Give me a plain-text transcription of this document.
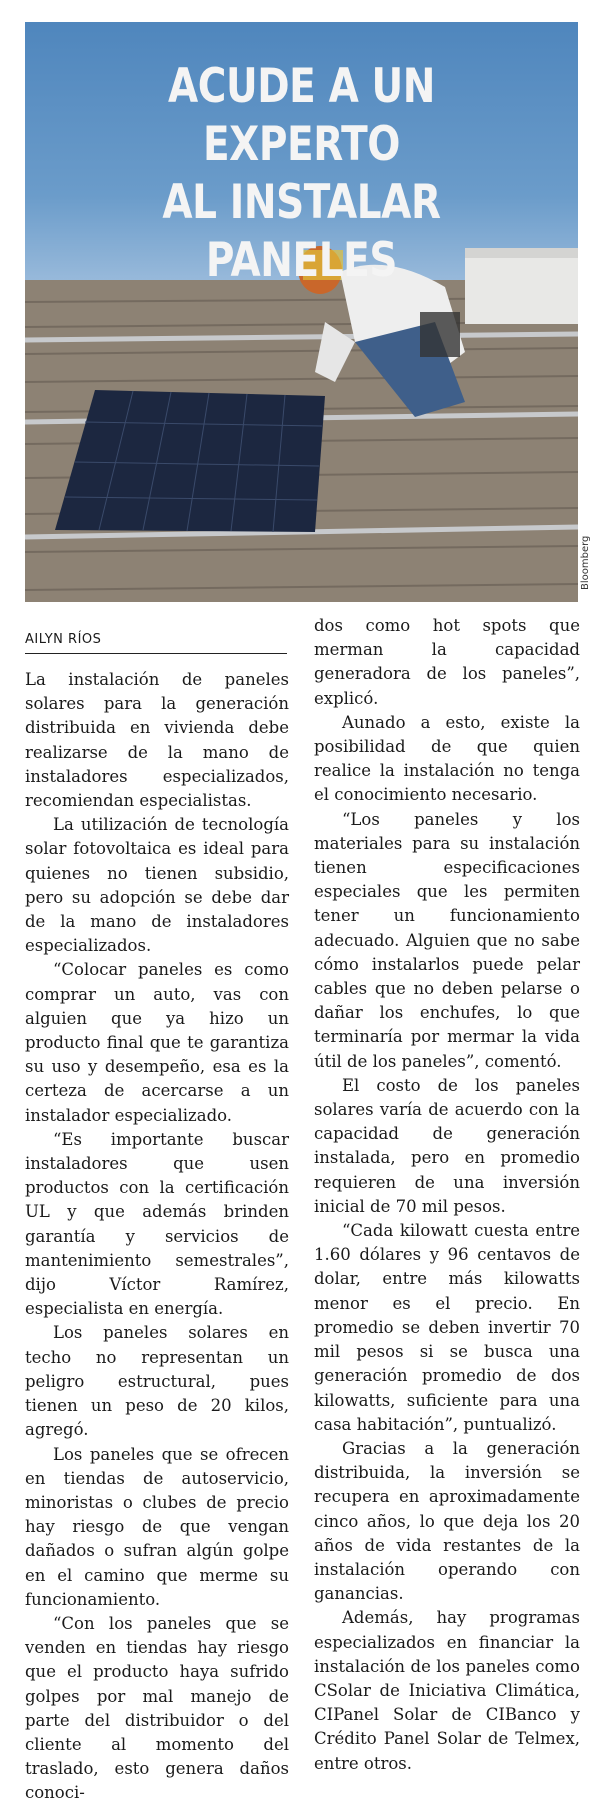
ACUDE A UN EXPERTO
AL INSTALAR PANELES
Bloomberg
AILYN RÍOS

La instalación de paneles solares para la generación distribuida en vivienda debe realizarse de la mano de instaladores especializados, recomiendan especialistas.

La utilización de tecnología solar fotovoltaica es ideal para quienes no tienen subsidio, pero su adopción se debe dar de la mano de instaladores especializados.

“Colocar paneles es como comprar un auto, vas con alguien que ya hizo un producto final que te garantiza su uso y desempeño, esa es la certeza de acercarse a un instalador especializado.

“Es importante buscar instaladores que usen productos con la certificación UL y que además brinden garantía y servicios de mantenimiento semestrales”, dijo Víctor Ramírez, especialista en energía.

Los paneles solares en techo no representan un peligro estructural, pues tienen un peso de 20 kilos, agregó.

Los paneles que se ofrecen en tiendas de autoservicio, minoristas o clubes de precio hay riesgo de que vengan dañados o sufran algún golpe en el camino que merme su funcionamiento.

“Con los paneles que se venden en tiendas hay riesgo que el producto haya sufrido golpes por mal manejo de parte del distribuidor o del cliente al momento del traslado, esto genera daños conoci-

dos como hot spots que merman la capacidad generadora de los paneles”, explicó.

Aunado a esto, existe la posibilidad de que quien realice la instalación no tenga el conocimiento necesario.

“Los paneles y los materiales para su instalación tienen especificaciones especiales que les permiten tener un funcionamiento adecuado. Alguien que no sabe cómo instalarlos puede pelar cables que no deben pelarse o dañar los enchufes, lo que terminaría por mermar la vida útil de los paneles”, comentó.

El costo de los paneles solares varía de acuerdo con la capacidad de generación instalada, pero en promedio requieren de una inversión inicial de 70 mil pesos.

“Cada kilowatt cuesta entre 1.60 dólares y 96 centavos de dolar, entre más kilowatts menor es el precio. En promedio se deben invertir 70 mil pesos si se busca una generación promedio de dos kilowatts, suficiente para una casa habitación”, puntualizó.

Gracias a la generación distribuida, la inversión se recupera en aproximadamente cinco años, lo que deja los 20 años de vida restantes de la instalación operando con ganancias.

Además, hay programas especializados en financiar la instalación de los paneles como CSolar de Iniciativa Climática, CIPanel Solar de CIBanco y Crédito Panel Solar de Telmex, entre otros.
